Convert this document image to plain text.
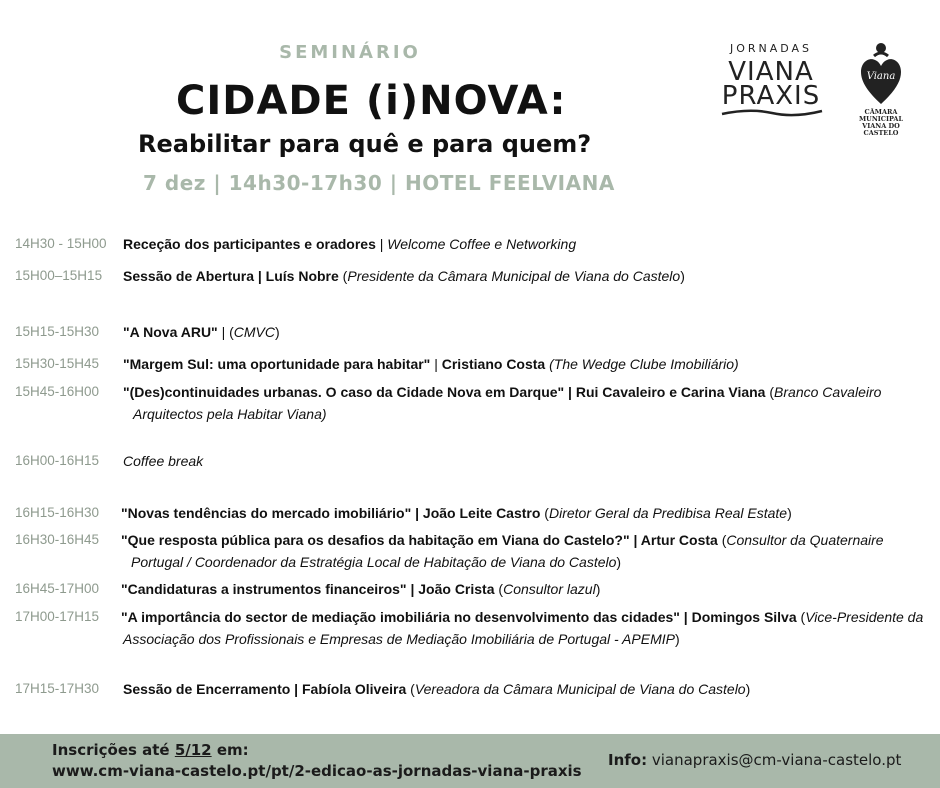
SEMINÁRIO
CIDADE (i)NOVA:
Reabilitar para quê e para quem?
7 dez | 14h30-17h30 | HOTEL FEELVIANA
JORNADAS
VIANA
PRAXIS
Viana
CÂMARA MUNICIPAL
VIANA DO CASTELO
14H30 - 15H00 Receção dos participantes e oradores | Welcome Coffee e Networking
15H00–15H15 Sessão de Abertura | Luís Nobre (Presidente da Câmara Municipal de Viana do Castelo)
15H15-15H30 "A Nova ARU" | (CMVC)
15H30-15H45 "Margem Sul: uma oportunidade para habitar" | Cristiano Costa (The Wedge Clube Imobiliário)
15H45-16H00 "(Des)continuidades urbanas. O caso da Cidade Nova em Darque" | Rui Cavaleiro e Carina Viana (Branco Cavaleiro
Arquitectos pela Habitar Viana)
16H00-16H15 Coffee break
16H15-16H30 "Novas tendências do mercado imobiliário" | João Leite Castro (Diretor Geral da Predibisa Real Estate)
16H30-16H45 "Que resposta pública para os desafios da habitação em Viana do Castelo?" | Artur Costa (Consultor da Quaternaire
Portugal / Coordenador da Estratégia Local de Habitação de Viana do Castelo)
16H45-17H00 "Candidaturas a instrumentos financeiros" | João Crista (Consultor lazul)
17H00-17H15 "A importância do sector de mediação imobiliária no desenvolvimento das cidades" | Domingos Silva (Vice-Presidente da
Associação dos Profissionais e Empresas de Mediação Imobiliária de Portugal - APEMIP)
17H15-17H30 Sessão de Encerramento | Fabíola Oliveira (Vereadora da Câmara Municipal de Viana do Castelo)
Inscrições até 5/12 em:
www.cm-viana-castelo.pt/pt/2-edicao-as-jornadas-viana-praxis
Info: vianapraxis@cm-viana-castelo.pt
